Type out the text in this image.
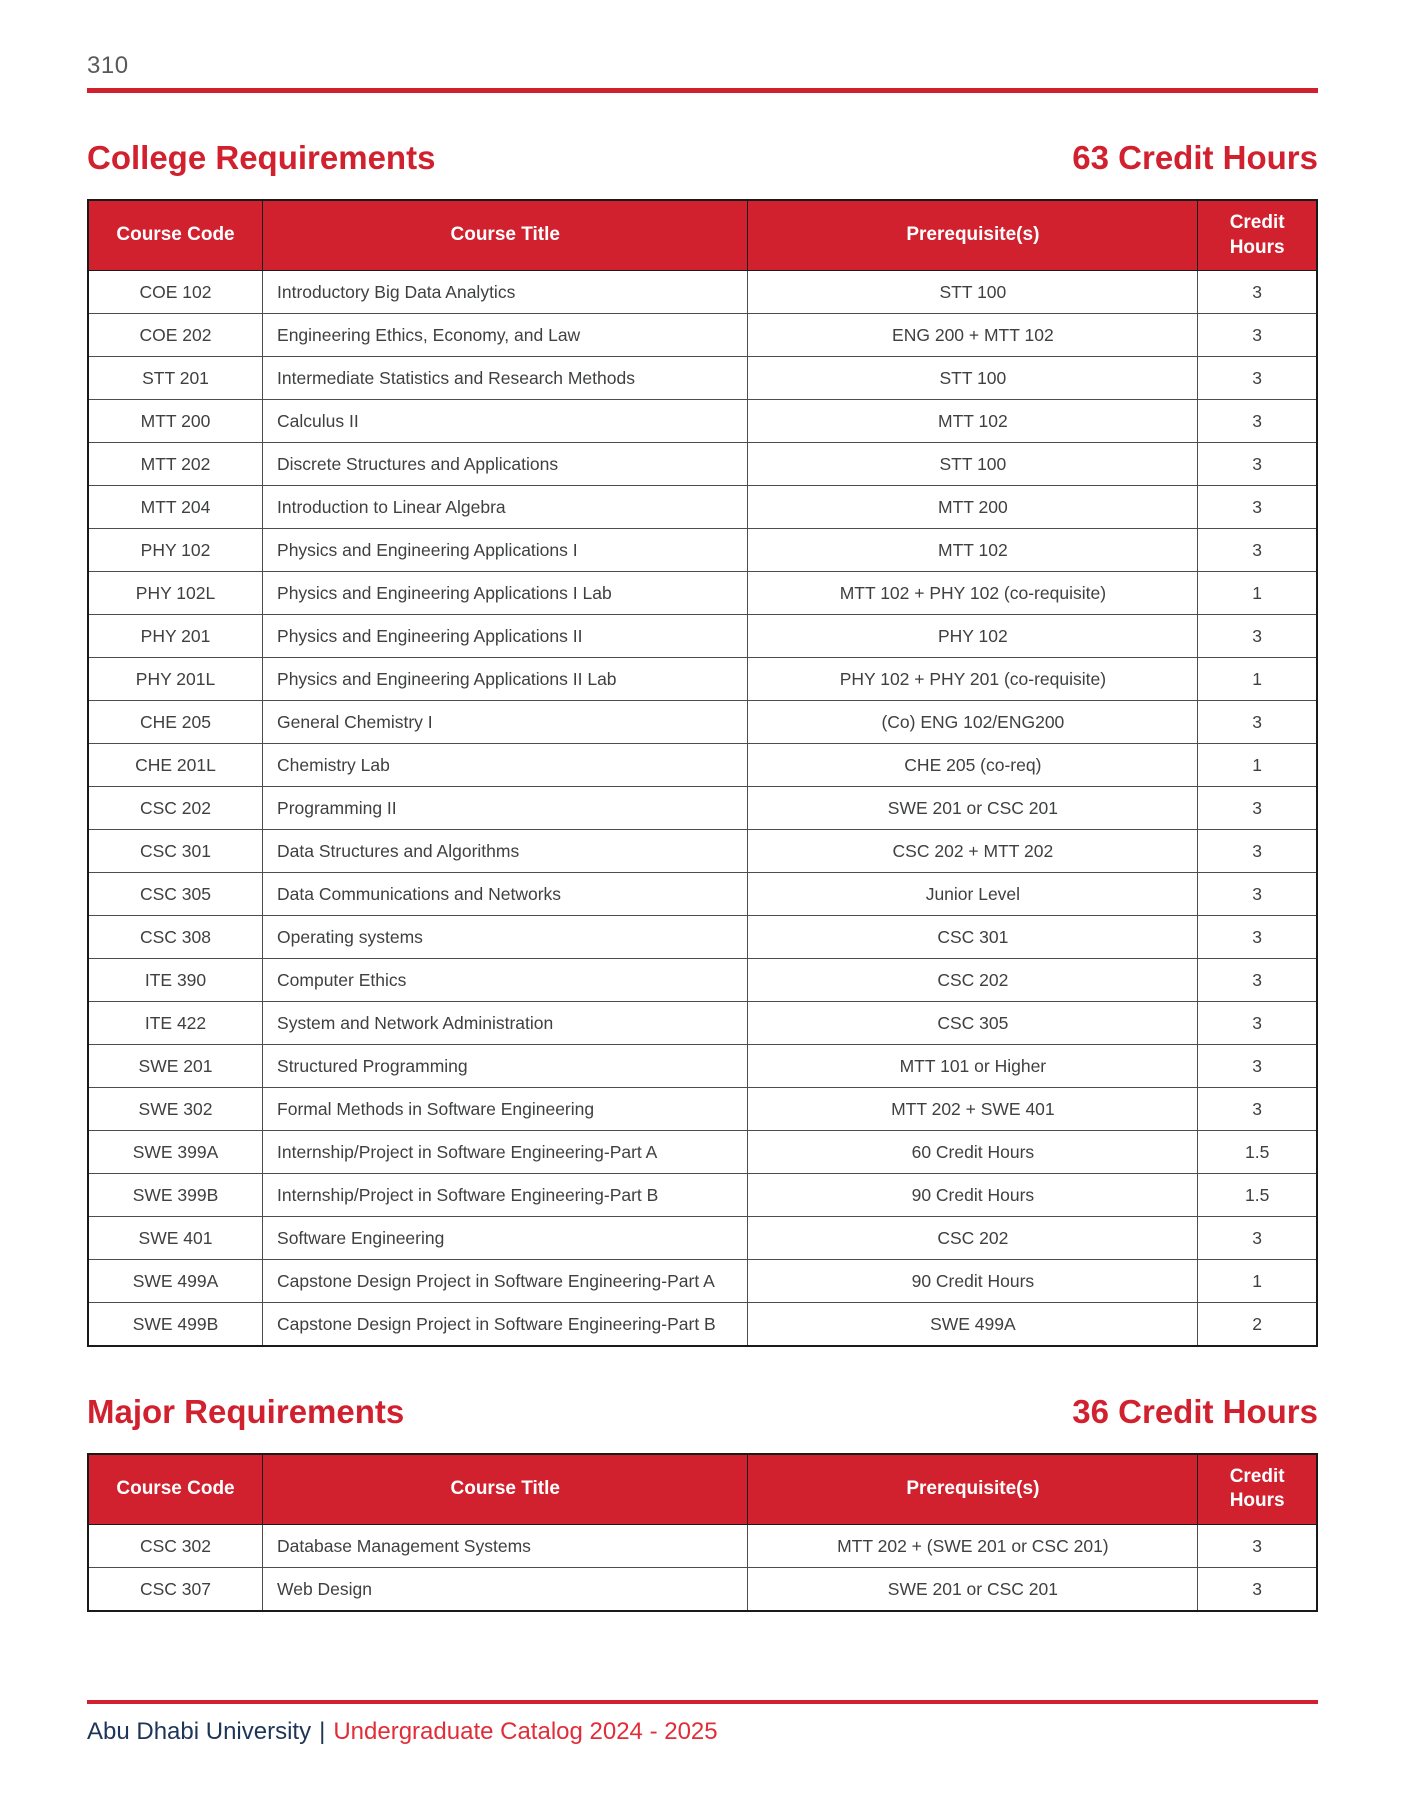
310
College Requirements	63 Credit Hours
Course Code	Course Title	Prerequisite(s)	Credit Hours
COE 102	Introductory Big Data Analytics	STT 100	3
COE 202	Engineering Ethics, Economy, and Law	ENG 200 + MTT 102	3
STT 201	Intermediate Statistics and Research Methods	STT 100	3
MTT 200	Calculus II	MTT 102	3
MTT 202	Discrete Structures and Applications	STT 100	3
MTT 204	Introduction to Linear Algebra	MTT 200	3
PHY 102	Physics and Engineering Applications I	MTT 102	3
PHY 102L	Physics and Engineering Applications I Lab	MTT 102 + PHY 102 (co-requisite)	1
PHY 201	Physics and Engineering Applications II	PHY 102	3
PHY 201L	Physics and Engineering Applications II Lab	PHY 102 + PHY 201 (co-requisite)	1
CHE 205	General Chemistry I	(Co) ENG 102/ENG200	3
CHE 201L	Chemistry Lab	CHE 205 (co-req)	1
CSC 202	Programming II	SWE 201 or CSC 201	3
CSC 301	Data Structures and Algorithms	CSC 202 + MTT 202	3
CSC 305	Data Communications and Networks	Junior Level	3
CSC 308	Operating systems	CSC 301	3
ITE 390	Computer Ethics	CSC 202	3
ITE 422	System and Network Administration	CSC 305	3
SWE 201	Structured Programming	MTT 101 or Higher	3
SWE 302	Formal Methods in Software Engineering	MTT 202 + SWE 401	3
SWE 399A	Internship/Project in Software Engineering-Part A	60 Credit Hours	1.5
SWE 399B	Internship/Project in Software Engineering-Part B	90 Credit Hours	1.5
SWE 401	Software Engineering	CSC 202	3
SWE 499A	Capstone Design Project in Software Engineering-Part A	90 Credit Hours	1
SWE 499B	Capstone Design Project in Software Engineering-Part B	SWE 499A	2
Major Requirements	36 Credit Hours
Course Code	Course Title	Prerequisite(s)	Credit Hours
CSC 302	Database Management Systems	MTT 202 + (SWE 201 or CSC 201)	3
CSC 307	Web Design	SWE 201 or CSC 201	3
Abu Dhabi University | Undergraduate Catalog 2024 - 2025
